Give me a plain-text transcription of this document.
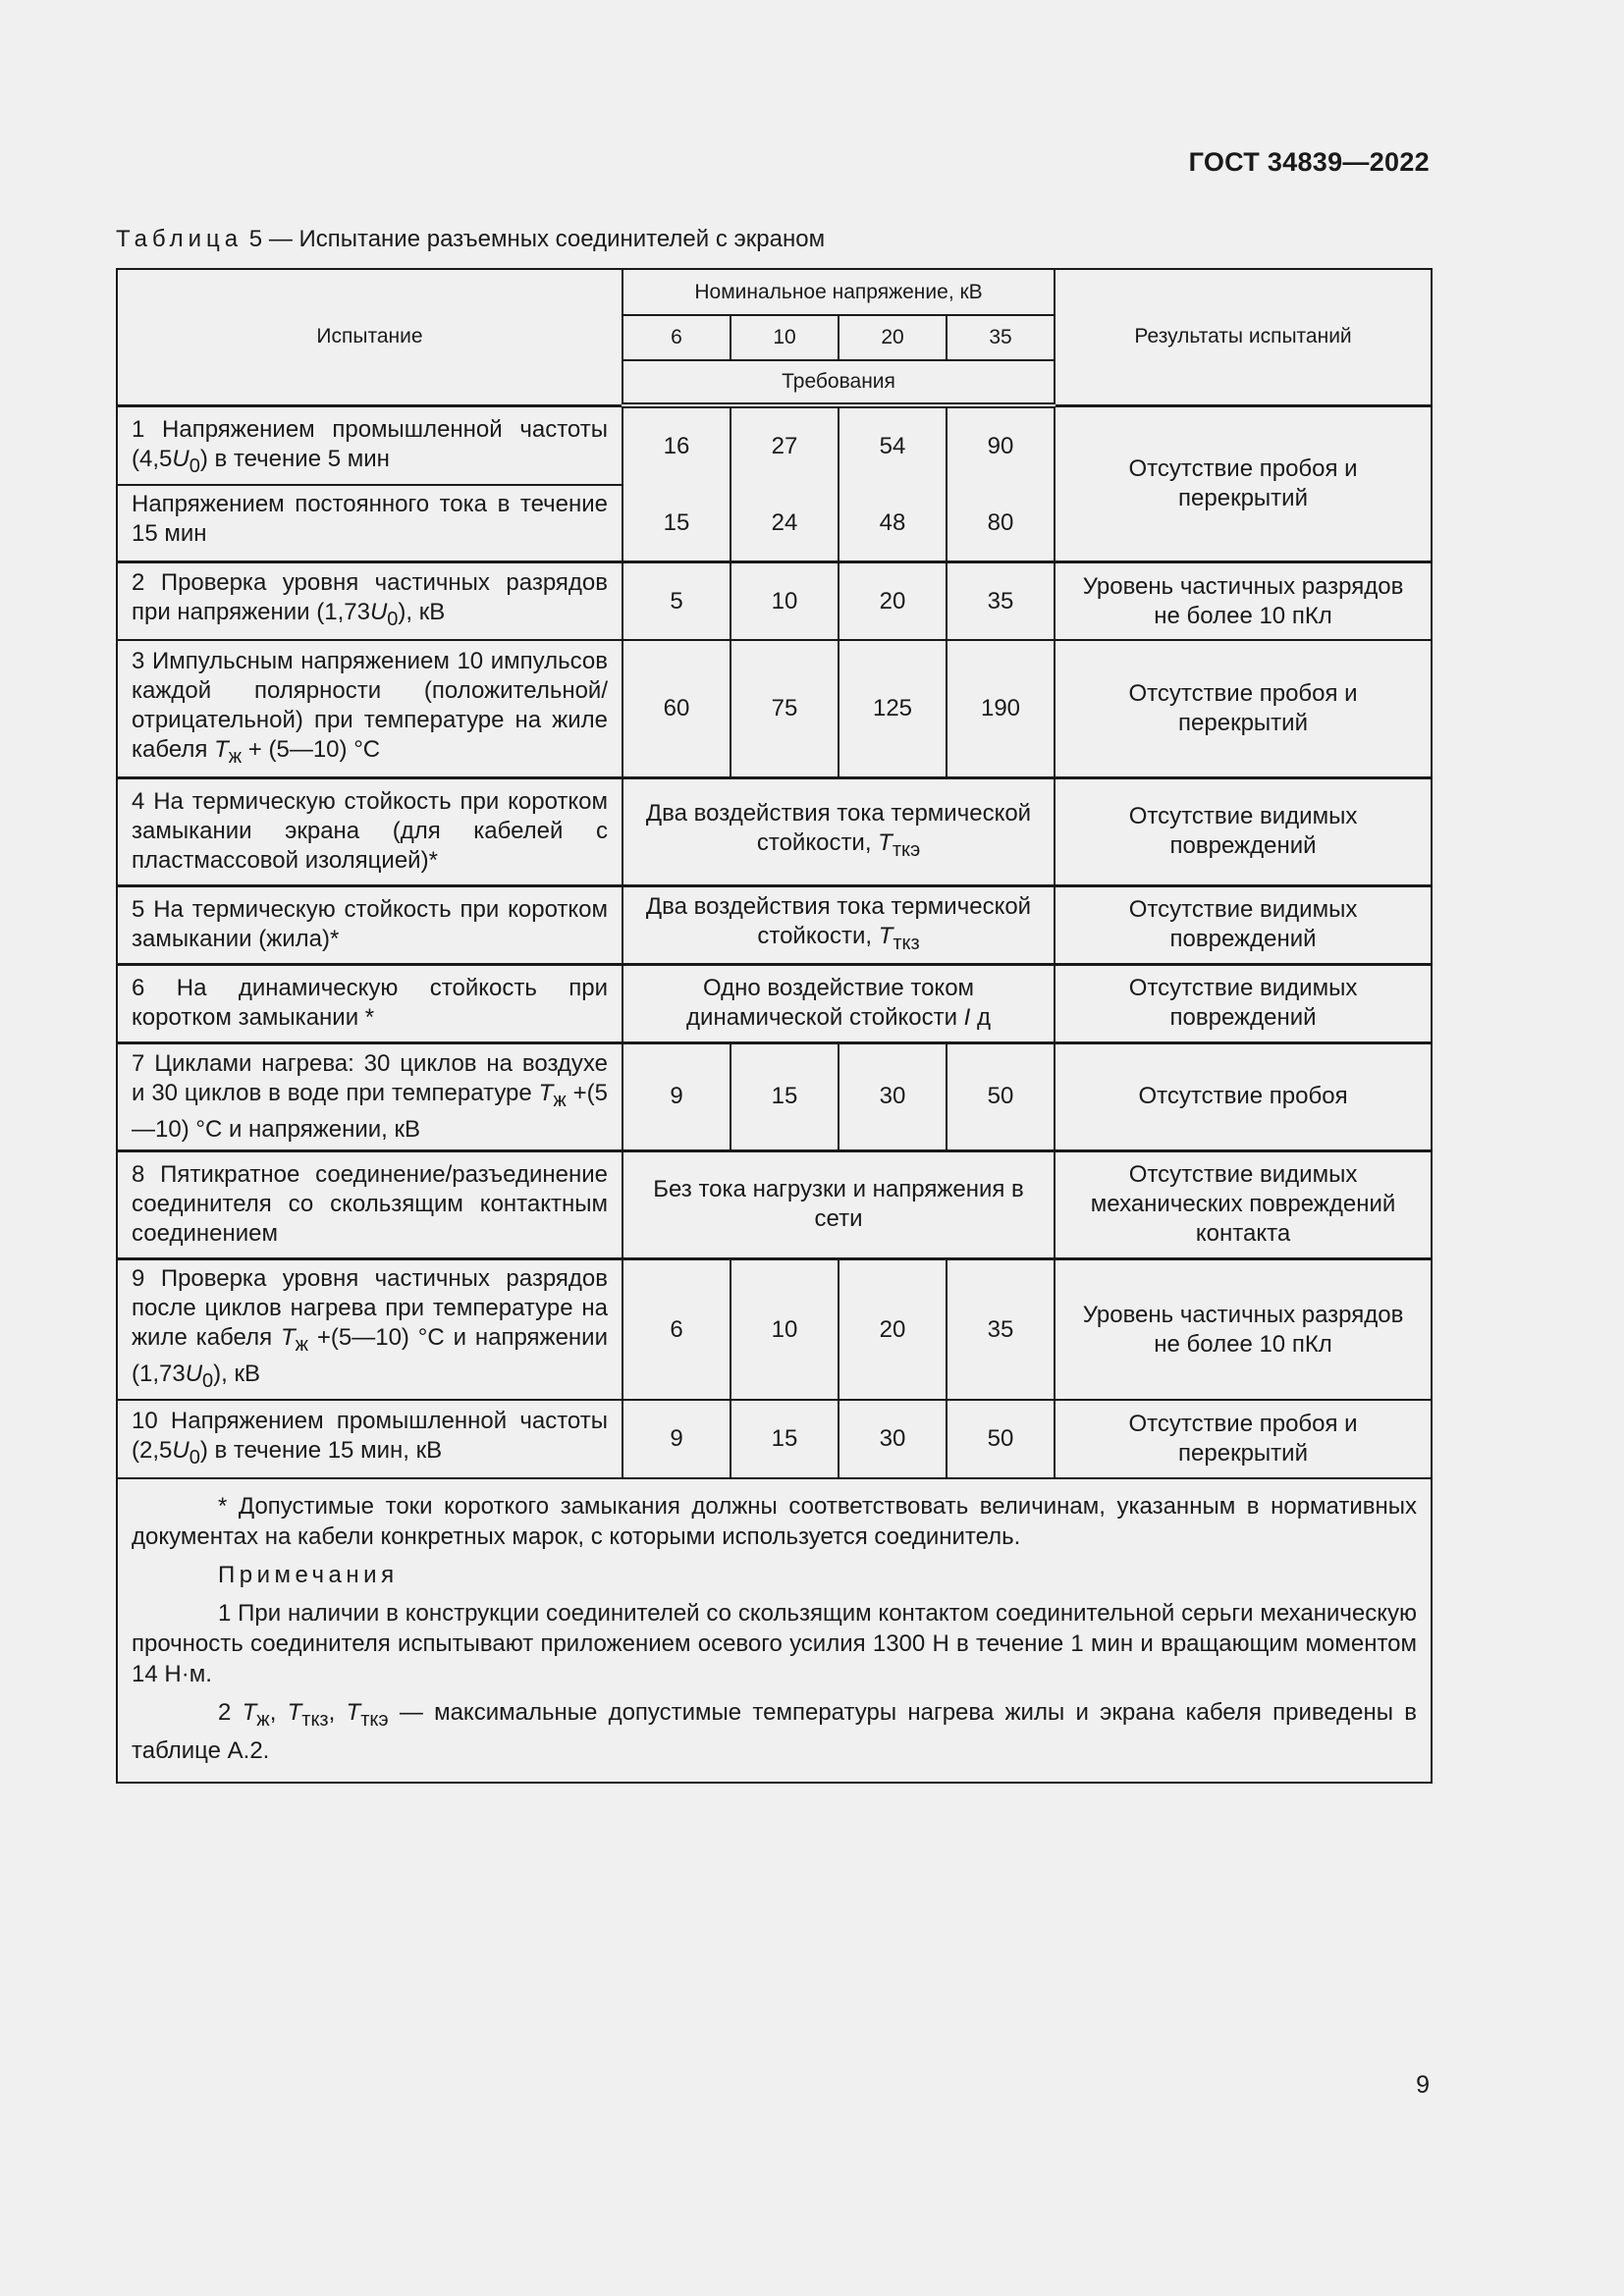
ГОСТ 34839—2022
Таблица 5 — Испытание разъемных соединителей с экраном
Испытание	Номинальное напряжение, кВ				Результаты испытаний
	6	10	20	35	
	Требования				
1 Напряжением промышленной частоты $(4,5U_0)$ в течение 5 мин	16	27	54	90	Отсутствие пробоя и перекрытий
Напряжением постоянного тока в течение 15 мин	15	24	48	80	
2 Проверка уровня частичных разрядов при напряжении $(1,73U_0)$, кВ	5	10	20	35	Уровень частичных разрядов не более 10 пКл
3 Импульсным напряжением 10 импульсов каждой полярности (положительной/отрицательной) при температуре на жиле кабеля $T_ж$ + (5—10) °С	60	75	125	190	Отсутствие пробоя и перекрытий
4 На термическую стойкость при коротком замыкании экрана (для кабелей с пластмассовой изоляцией)*	Два воздействия тока термической стойкости, $T_{ткэ}$				Отсутствие видимых повреждений
5 На термическую стойкость при коротком замыкании (жила)*	Два воздействия тока термической стойкости, $T_{ткз}$				Отсутствие видимых повреждений
6 На динамическую стойкость при коротком замыкании *	Одно воздействие током динамической стойкости I д				Отсутствие видимых повреждений
7 Циклами нагрева: 30 циклов на воздухе и 30 циклов в воде при температуре $T_ж$ +(5—10) °С и напряжении, кВ	9	15	30	50	Отсутствие пробоя
8 Пятикратное соединение/разъединение соединителя со скользящим контактным соединением	Без тока нагрузки и напряжения в сети				Отсутствие видимых механических повреждений контакта
9 Проверка уровня частичных разрядов после циклов нагрева при температуре на жиле кабеля $T_ж$ +(5—10) °С и напряжении $(1,73U_0)$, кВ	6	10	20	35	Уровень частичных разрядов не более 10 пКл
10 Напряжением промышленной частоты $(2,5U_0)$ в течение 15 мин, кВ	9	15	30	50	Отсутствие пробоя и перекрытий

* Допустимые токи короткого замыкания должны соответствовать величинам, указанным в нормативных документах на кабели конкретных марок, с которыми используется соединитель.

Примечания

1 При наличии в конструкции соединителей со скользящим контактом соединительной серьги механическую прочность соединителя испытывают приложением осевого усилия 1300 Н в течение 1 мин и вращающим моментом 14 Н·м.

2 $T_ж$, $T_{ткз}$, $T_{ткэ}$ — максимальные допустимые температуры нагрева жилы и экрана кабеля приведены в таблице А.2.					

9
